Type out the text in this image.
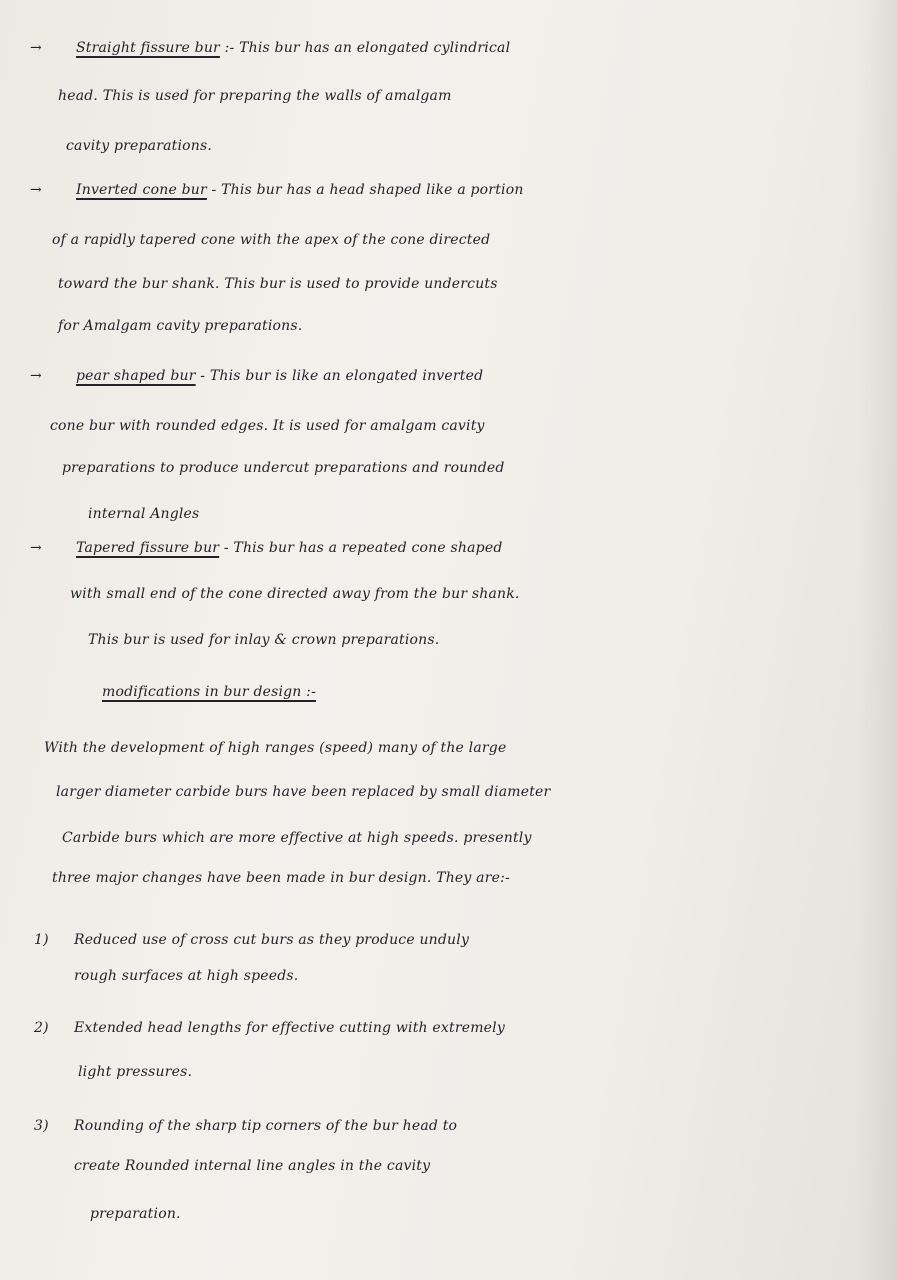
→ Straight fissure bur :- This bur has an elongated cylindrical
head. This is used for preparing the walls of amalgam
cavity preparations.
→ Inverted cone bur - This bur has a head shaped like a portion
of a rapidly tapered cone with the apex of the cone directed
toward the bur shank. This bur is used to provide undercuts
for Amalgam cavity preparations.
→ pear shaped bur - This bur is like an elongated inverted
cone bur with rounded edges. It is used for amalgam cavity
preparations to produce undercut preparations and rounded
internal Angles
→ Tapered fissure bur - This bur has a repeated cone shaped
with small end of the cone directed away from the bur shank.
This bur is used for inlay & crown preparations.
modifications in bur design :-
With the development of high ranges (speed) many of the large
larger diameter carbide burs have been replaced by small diameter
Carbide burs which are more effective at high speeds. presently
three major changes have been made in bur design. They are:-
1) Reduced use of cross cut burs as they produce unduly
rough surfaces at high speeds.
2) Extended head lengths for effective cutting with extremely
light pressures.
3) Rounding of the sharp tip corners of the bur head to
create Rounded internal line angles in the cavity
preparation.
